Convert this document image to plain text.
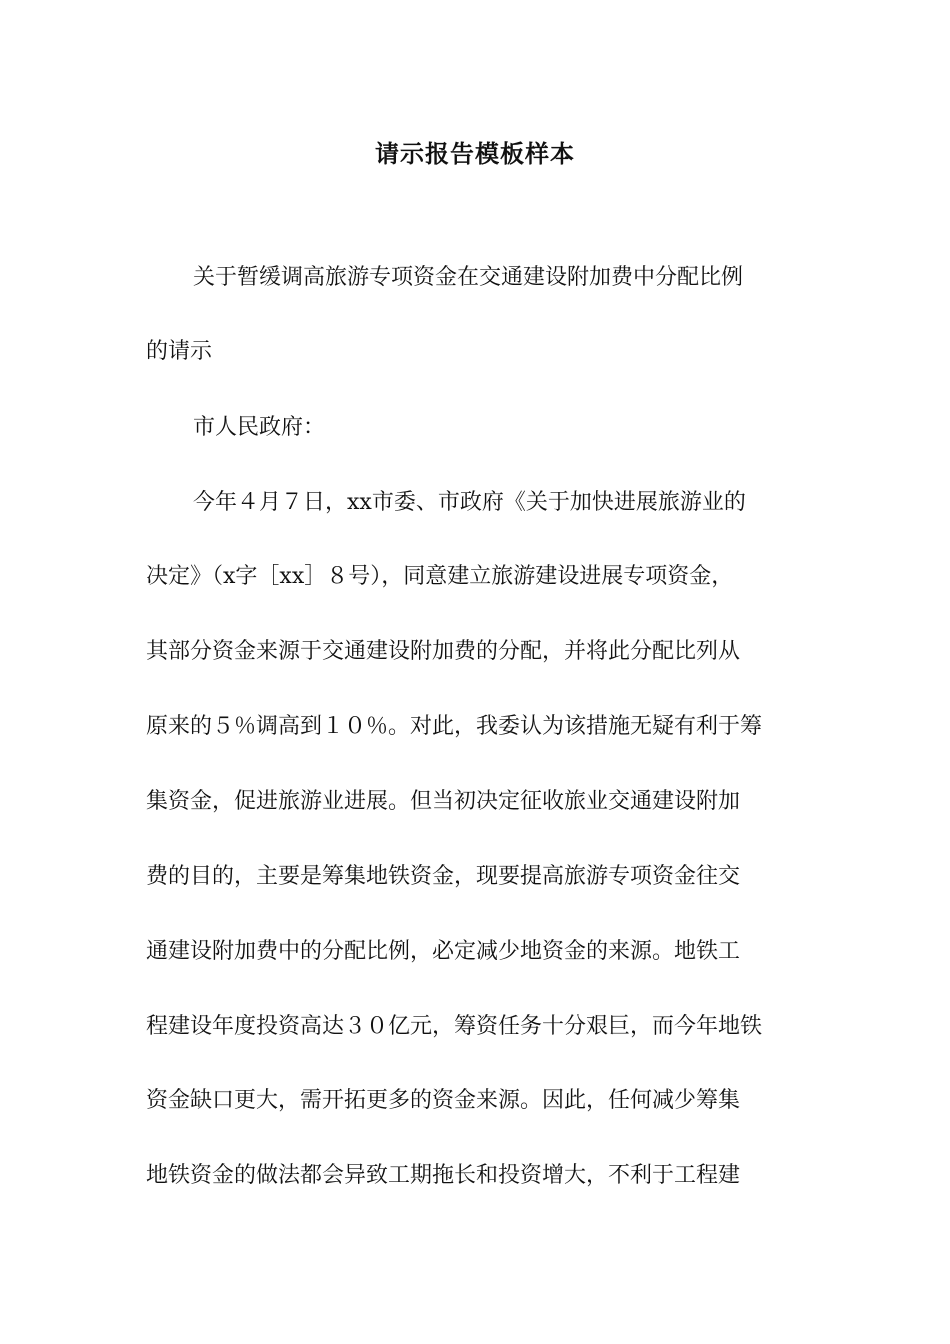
请示报告模板样本
关于暂缓调高旅游专项资金在交通建设附加费中分配比例
的请示
市人民政府：
今年４月７日，xx市委、市政府《关于加快进展旅游业的
决定》（x字［xx］８号），同意建立旅游建设进展专项资金，
其部分资金来源于交通建设附加费的分配，并将此分配比列从
原来的５％调高到１０％。对此，我委认为该措施无疑有利于筹
集资金，促进旅游业进展。但当初决定征收旅业交通建设附加
费的目的，主要是筹集地铁资金，现要提高旅游专项资金往交
通建设附加费中的分配比例，必定减少地资金的来源。地铁工
程建设年度投资高达３０亿元，筹资任务十分艰巨，而今年地铁
资金缺口更大，需开拓更多的资金来源。因此，任何减少筹集
地铁资金的做法都会异致工期拖长和投资增大，不利于工程建
